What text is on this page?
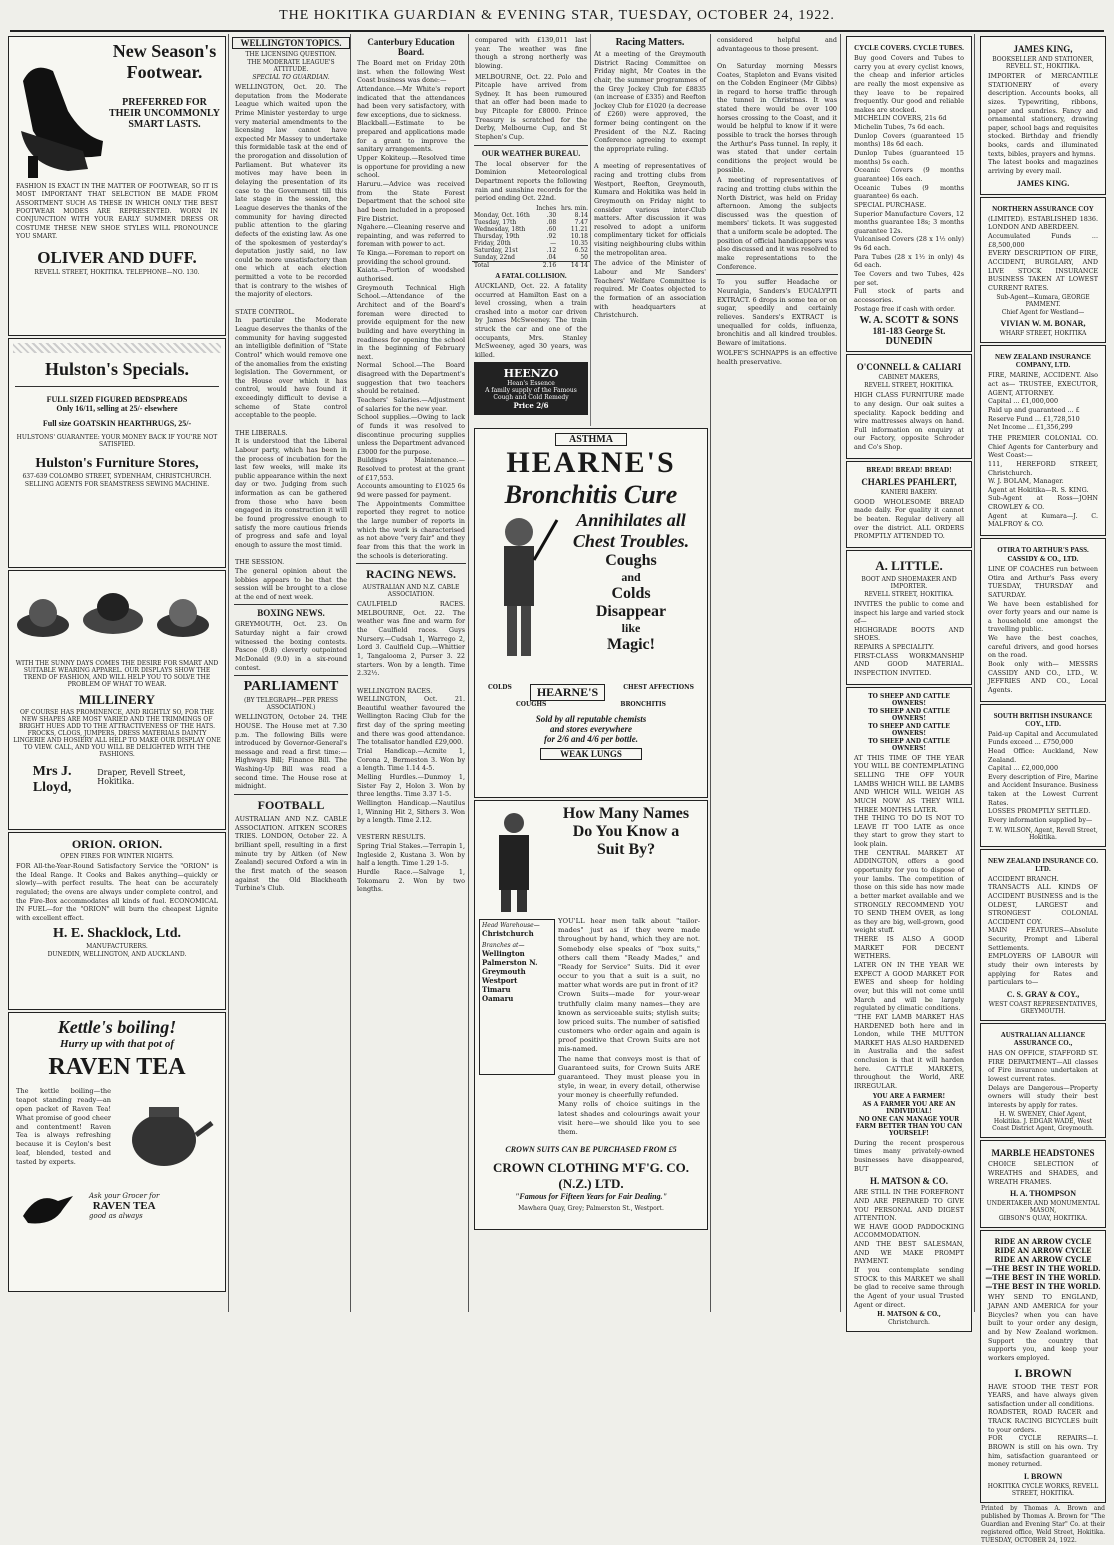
THE HOKITIKA GUARDIAN & EVENING STAR, TUESDAY, OCTOBER 24, 1922.
New Season's
Footwear.
PREFERRED FOR THEIR UNCOMMONLY SMART LASTS.
FASHION IS EXACT IN THE MATTER OF FOOTWEAR, SO IT IS MOST IMPORTANT THAT SELECTION BE MADE FROM ASSORTMENT SUCH AS THESE IN WHICH ONLY THE BEST FOOTWEAR MODES ARE REPRESENTED. WORN IN CONJUNCTION WITH YOUR EARLY SUMMER DRESS OR COSTUME THESE NEW SHOE STYLES WILL PRONOUNCE YOU SMART.
OLIVER AND DUFF.
REVELL STREET, HOKITIKA. TELEPHONE—NO. 130.
Hulston's Specials.
FULL SIZED FIGURED BEDSPREADS
Only 16/11, selling at 25/- elsewhere
Full size GOATSKIN HEARTHRUGS, 25/-
HULSTONS' GUARANTEE: YOUR MONEY BACK IF YOU'RE NOT SATISFIED.
Hulston's Furniture Stores,
637-639 COLOMBO STREET, SYDENHAM, CHRISTCHURCH.
SELLING AGENTS FOR SEAMSTRESS SEWING MACHINE.
WITH THE SUNNY DAYS COMES THE DESIRE FOR SMART AND SUITABLE WEARING APPAREL. OUR DISPLAYS SHOW THE TREND OF FASHION, AND WILL HELP YOU TO SOLVE THE PROBLEM OF WHAT TO WEAR.
MILLINERY
OF COURSE HAS PROMINENCE, AND RIGHTLY SO, FOR THE NEW SHAPES ARE MOST VARIED AND THE TRIMMINGS OF BRIGHT HUES ADD TO THE ATTRACTIVENESS OF THE HATS. FROCKS, CLOGS, JUMPERS, DRESS MATERIALS DAINTY LINGERIE AND HOSIERY ALL HELP TO MAKE OUR DISPLAY ONE TO VIEW. CALL, AND YOU WILL BE DELIGHTED WITH THE FASHIONS.
Mrs J. Lloyd,
Draper, Revell Street, Hokitika.
ORION. ORION.
OPEN FIRES FOR WINTER NIGHTS.
FOR All-the-Year-Round Satisfactory Service the "ORION" is the Ideal Range. It Cooks and Bakes anything—quickly or slowly—with perfect results. The heat can be accurately regulated; the ovens are always under complete control, and the Fire-Box accommodates all kinds of fuel. ECONOMICAL IN FUEL—for the "ORION" will burn the cheapest Lignite with excellent effect.
H. E. Shacklock, Ltd.
MANUFACTURERS.
DUNEDIN, WELLINGTON, AND AUCKLAND.
Kettle's boiling!
Hurry up with that pot of
RAVEN TEA
The kettle boiling—the teapot standing ready—an open packet of Raven Tea! What promise of good cheer and contentment! Raven Tea is always refreshing because it is Ceylon's best leaf, blended, tested and tasted by experts.
Ask your Grocer for
RAVEN TEA
good as always
WELLINGTON TOPICS.
THE LICENSING QUESTION.
THE MODERATE LEAGUE'S ATTITUDE.
SPECIAL TO GUARDIAN.
WELLINGTON, Oct. 20. The deputation from the Moderate League which waited upon the Prime Minister yesterday to urge very material amendments to the licensing law cannot have expected Mr Massey to undertake this formidable task at the end of the prorogation and dissolution of Parliament. But whatever its motives may have been in delaying the presentation of its case to the Government till this late stage in the session, the League deserves the thanks of the community for having directed public attention to the glaring defects of the existing law. As one of the spokesmen of yesterday's deputation justly said, no law could be more unsatisfactory than one which at each election permitted a vote to be recorded that is contrary to the wishes of the majority of electors.

STATE CONTROL.
In particular the Moderate League deserves the thanks of the community for having suggested an intelligible definition of "State Control" which would remove one of the anomalies from the existing legislation. The Government, or the House over which it has control, would have found it exceedingly difficult to devise a scheme of State control acceptable to the people.

THE LIBERALS.
It is understood that the Liberal Labour party, which has been in the process of incubation for the last few weeks, will make its public appearance within the next day or two. Judging from such information as can be gathered from those who have been engaged in its construction it will be found progressive enough to satisfy the more cautious friends of progress and safe and loyal enough to assure the most timid.

THE SESSION.
The general opinion about the lobbies appears to be that the session will be brought to a close at the end of next week.
BOXING NEWS.
GREYMOUTH, Oct. 23. On Saturday night a fair crowd witnessed the boxing contests. Pascoe (9.8) cleverly outpointed McDonald (9.0) in a six-round contest.
PARLIAMENT
(BY TELEGRAPH—PER PRESS ASSOCIATION.)
WELLINGTON, October 24. THE HOUSE. The House met at 7.30 p.m. The following Bills were introduced by Governor-General's message and read a first time:—Highways Bill; Finance Bill. The Washing-Up Bill was read a second time. The House rose at midnight.
FOOTBALL
AUSTRALIAN AND N.Z. CABLE ASSOCIATION. AITKEN SCORES TRIES. LONDON, October 22. A brilliant spell, resulting in a first minute try by Aitken (of New Zealand) secured Oxford a win in the first match of the season against the Old Blackheath Turbine's Club.
Canterbury Education Board.
The Board met on Friday 20th inst. when the following West Coast business was done:—
Attendance.—Mr White's report indicated that the attendances had been very satisfactory, with few exceptions, due to sickness.
Blackball.—Estimate to be prepared and applications made for a grant to improve the sanitary arrangements.
Upper Kokiteup.—Resolved time is opportune for providing a new school.
Haruru.—Advice was received from the State Forest Department that the school site had been included in a proposed Fire District.
Ngahere.—Cleaning reserve and repainting, and was referred to foreman with power to act.
Te Kinga.—Foreman to report on providing the school ground.
Kaiata.—Portion of woodshed authorised.
Greymouth Technical High School.—Attendance of the Architect and of the Board's foreman were directed to provide equipment for the new building and have everything in readiness for opening the school in the beginning of February next.
Normal School.—The Board disagreed with the Department's suggestion that two teachers should be retained.
Teachers' Salaries.—Adjustment of salaries for the new year.
School supplies.—Owing to lack of funds it was resolved to discontinue procuring supplies unless the Department advanced £3000 for the purpose.
Buildings Maintenance.—Resolved to protest at the grant of £17,553.
Accounts amounting to £1025 6s 9d were passed for payment.
The Appointments Committee reported they regret to notice the large number of reports in which the work is characterised as not above "very fair" and they fear from this that the work in the schools is deteriorating.
RACING NEWS.
AUSTRALIAN AND N.Z. CABLE ASSOCIATION.
CAULFIELD RACES. MELBOURNE, Oct. 22. The weather was fine and warm for the Caulfield races. Guys Nursery.—Cudsah 1, Warrego 2, Lord 3. Caulfield Cup.—Whittier 1, Tangalooma 2, Purser 3. 22 starters. Won by a length. Time 2.32½.

WELLINGTON RACES.
WELLINGTON, Oct. 21. Beautiful weather favoured the Wellington Racing Club for the first day of the spring meeting and there was good attendance. The totalisator handled £29,000.
Trial Handicap.—Acmite 1, Corona 2, Bermeston 3. Won by a length. Time 1.14 4-5.
Melling Hurdles.—Dunmoy 1, Sister Fay 2, Holon 3. Won by three lengths. Time 3.37 1-5.
Wellington Handicap.—Nautilus 1, Winning Hit 2, Sithers 3. Won by a length. Time 2.12.

VESTERN RESULTS.
Spring Trial Stakes.—Terrapin 1, Ingleside 2, Kustana 3. Won by half a length. Time 1.29 1-5.
Hurdle Race.—Salvage 1, Tokomaru 2. Won by two lengths.
compared with £139,011 last year. The weather was fine though a strong northerly was blowing.
MELBOURNE, Oct. 22. Polo and Pitcaple have arrived from Sydney. It has been rumoured that an offer had been made to buy Pitcaple for £8000. Prince Treasury is scratched for the Derby, Melbourne Cup, and St Stephen's Cup.
OUR WEATHER BUREAU.
The local observer for the Dominion Meteorological Department reports the following rain and sunshine records for the period ending Oct. 22nd.
	Inches	hrs. min.
Monday, Oct. 16th	.30	8.14
Tuesday, 17th	.08	7.47
Wednesday, 18th	.60	11.21
Thursday, 19th	.92	10.18
Friday, 20th	—	10.35
Saturday, 21st	.12	6.52
Sunday, 22nd	.04	50
Total	2.16	14 14
A FATAL COLLISION.
AUCKLAND, Oct. 22. A fatality occurred at Hamilton East on a level crossing, when a train crashed into a motor car driven by James McSweeney. The train struck the car and one of the occupants, Mrs. Stanley McSweeney, aged 30 years, was killed.
HEENZO
Hean's Essence
A family supply of the Famous Cough and Cold Remedy
Price 2/6
Racing Matters.
At a meeting of the Greymouth District Racing Committee on Friday night, Mr Coates in the chair, the summer programmes of the Grey Jockey Club for £8835 (an increase of £335) and Reefton Jockey Club for £1020 (a decrease of £260) were approved, the former being contingent on the President of the N.Z. Racing Conference agreeing to exempt the appropriate ruling.

A meeting of representatives of racing and trotting clubs from Westport, Reefton, Greymouth, Kumara and Hokitika was held in Greymouth on Friday night to consider various inter-Club matters. After discussion it was resolved to adopt a uniform complimentary ticket for officials visiting neighbouring clubs within the metropolitan area.
The advice of the Minister of Labour and Mr Sanders' Teachers' Welfare Committee is required. Mr Coates objected to the formation of an association with headquarters at Christchurch.
ASTHMA
HEARNE'S
Bronchitis Cure
Annihilates all
Chest Troubles.
Coughs
and
Colds
Disappear
like
Magic!
COLDS	HEARNE'S	CHEST AFFECTIONS
COUGHS	BRONCHITIS
Sold by all reputable chemists
and stores everywhere
for 2/6 and 4/6 per bottle.
WEAK LUNGS
How Many Names
Do You Know a
Suit By?
Head Warehouse—
Christchurch
Branches at—
Wellington
Palmerston N.
Greymouth
Westport
Timaru
Oamaru
YOU'LL hear men talk about "tailor-mades" just as if they were made throughout by hand, which they are not. Somebody else speaks of "box suits," others call them "Ready Mades," and "Ready for Service" Suits. Did it ever occur to you that a suit is a suit, no matter what words are put in front of it?
Crown Suits—made for your-wear truthfully claim many names—they are known as serviceable suits; stylish suits; low priced suits. The number of satisfied customers who order again and again is proof positive that Crown Suits are not mis-named.
The name that conveys most is that of Guaranteed suits, for Crown Suits ARE guaranteed. They must please you in style, in wear, in every detail, otherwise your money is cheerfully refunded.
Many rolls of choice suitings in the latest shades and colourings await your visit here—we should like you to see them.
CROWN SUITS CAN BE PURCHASED FROM £5
CROWN CLOTHING M'F'G. CO. (N.Z.) LTD.
"Famous for Fifteen Years for Fair Dealing."
Mawhera Quay, Grey; Palmerston St., Westport.
considered helpful and advantageous to those present.

On Saturday morning Messrs Coates, Stapleton and Evans visited on the Cobden Engineer (Mr Gibbs) in regard to horse traffic through the tunnel in Christmas. It was stated there would be over 100 horses crossing to the Coast, and it would be helpful to know if it were possible to track the horses through the Arthur's Pass tunnel. In reply, it was stated that under certain conditions the project would be possible.
A meeting of representatives of racing and trotting clubs within the North District, was held on Friday afternoon. Among the subjects discussed was the question of members' tickets. It was suggested that a uniform scale be adopted. The position of official handicappers was also discussed and it was resolved to make representations to the Conference.
To you suffer Headache or Neuralgia, Sanders's EUCALYPTI EXTRACT. 6 drops in some tea or on sugar, speedily and certainly relieves. Sanders's EXTRACT is unequalled for colds, influenza, bronchitis and all kindred troubles. Beware of imitations.
WOLFE'S SCHNAPPS is an effective health preservative.
CYCLE COVERS. CYCLE TUBES.
Buy good Covers and Tubes to carry you at every cyclist knows, the cheap and inferior articles are really the most expensive as they leave to be repaired frequently. Our good and reliable makes are stocked.
MICHELIN COVERS, 21s 6d
Michelin Tubes, 7s 6d each.
Dunlop Covers (guaranteed 15 months) 18s 6d each.
Dunlop Tubes (guaranteed 15 months) 5s each.
Oceanic Covers (9 months guarantee) 16s each.
Oceanic Tubes (9 months guarantee) 6s each.
SPECIAL PURCHASE.
Superior Manufacture Covers, 12 months guarantee 18s; 3 months guarantee 12s.
Vulcanised Covers (28 x 1½ only) 9s 6d each.
Para Tubes (28 x 1½ in only) 4s 6d each.
Tee Covers and two Tubes, 42s per set.
Full stock of parts and accessories.
Postage free if cash with order.
W. A. SCOTT & SONS
181-183 George St.
DUNEDIN
O'CONNELL & CALIARI
CABINET MAKERS,
REVELL STREET, HOKITIKA.
HIGH CLASS FURNITURE made to any design. Our oak suites a speciality. Kapock bedding and wire mattresses always on hand. Full information on enquiry at our Factory, opposite Schroder and Co's Shop.
BREAD! BREAD! BREAD!
CHARLES PFAHLERT,
KANIERI BAKERY.
GOOD WHOLESOME BREAD made daily. For quality it cannot be beaten. Regular delivery all over the district. ALL ORDERS PROMPTLY ATTENDED TO.
A. LITTLE.
BOOT AND SHOEMAKER AND IMPORTER.
REVELL STREET, HOKITIKA.
INVITES the public to come and inspect his large and varied stock of—
HIGHGRADE BOOTS AND SHOES.
REPAIRS A SPECIALITY.
FIRST-CLASS WORKMANSHIP AND GOOD MATERIAL. INSPECTION INVITED.
TO SHEEP AND CATTLE OWNERS!
TO SHEEP AND CATTLE OWNERS!
TO SHEEP AND CATTLE OWNERS!
TO SHEEP AND CATTLE OWNERS!
AT THIS TIME OF THE YEAR YOU WILL BE CONTEMPLATING SELLING THE OFF YOUR LAMBS WHICH WILL BE LAMBS AND WHICH WILL WEIGH AS MUCH NOW AS THEY WILL THREE MONTHS LATER.
THE THING TO DO IS NOT TO LEAVE IT TOO LATE as once they start to grow they start to look plain.
THE CENTRAL MARKET AT ADDINGTON, offers a good opportunity for you to dispose of your lambs. The competition of those on this side has now made a better market available and we STRONGLY RECOMMEND YOU TO SEND THEM OVER, as long as they are big, well-grown, good weight stuff.
THERE IS ALSO A GOOD MARKET FOR DECENT WETHERS.
LATER ON IN THE YEAR WE EXPECT A GOOD MARKET FOR EWES and sheep for holding over, but this will not come until March and will be largely regulated by climatic conditions.
"THE FAT LAMB MARKET HAS HARDENED both here and in London, while THE MUTTON MARKET HAS ALSO HARDENED in Australia and the safest conclusion is that it will harden here. CATTLE MARKETS, throughout the World, ARE IRREGULAR.
YOU ARE A FARMER!
AS A FARMER YOU ARE AN INDIVIDUAL!
NO ONE CAN MANAGE YOUR FARM BETTER THAN YOU CAN YOURSELF!
During the recent prosperous times many privately-owned businesses have disappeared, BUT
H. MATSON & CO.
ARE STILL IN THE FOREFRONT AND ARE PREPARED TO GIVE YOU PERSONAL AND DIGEST ATTENTION.
WE HAVE GOOD PADDOCKING ACCOMMODATION.
AND THE BEST SALESMAN, AND WE MAKE PROMPT PAYMENT.
If you contemplate sending STOCK to this MARKET we shall be glad to receive same through the Agent of your usual Trusted Agent or direct.
H. MATSON & CO.,
Christchurch.
JAMES KING,
BOOKSELLER AND STATIONER, REVELL ST., HOKITIKA.
IMPORTER of MERCANTILE STATIONERY of every description. Accounts books, all sizes. Typewriting, ribbons, paper and sundries. Fancy and ornamental stationery, drawing paper, school bags and requisites stocked. Birthday and friendly books, cards and illuminated texts, bibles, prayers and hymns.
The latest books and magazines arriving by every mail.
JAMES KING.
NORTHERN ASSURANCE COY
(LIMITED). ESTABLISHED 1836. LONDON AND ABERDEEN.
Accumulated Funds ... £8,500,000
EVERY DESCRIPTION OF FIRE, ACCIDENT, BURGLARY, AND LIVE STOCK INSURANCE BUSINESS TAKEN AT LOWEST CURRENT RATES.
Sub-Agent—Kumara, GEORGE PAMMENT.
Chief Agent for Westland—
VIVIAN W. M. BONAR,
WHARF STREET, HOKITIKA
NEW ZEALAND INSURANCE COMPANY, LTD.
FIRE, MARINE, ACCIDENT. Also act as— TRUSTEE, EXECUTOR, AGENT, ATTORNEY.
Capital ... £1,000,000
Paid up and guaranteed ... £
Reserve Fund ... £1,728,510
Net Income ... £1,356,299
THE PREMIER COLONIAL CO. Chief Agents for Canterbury and West Coast:—
111, HEREFORD STREET, Christchurch.
W. J. BOLAM, Manager.
Agent at Hokitika—R. S. KING.
Sub-Agent at Ross—JOHN CROWLEY & CO.
Agent at Kumara—J. C. MALFROY & CO.
OTIRA TO ARTHUR'S PASS.
CASSIDY & CO., LTD.
LINE OF COACHES run between Otira and Arthur's Pass every TUESDAY, THURSDAY and SATURDAY.
We have been established for over forty years and our name is a household one amongst the travelling public.
We have the best coaches, careful drivers, and good horses on the road.
Book only with— MESSRS CASSIDY AND CO., LTD., W. JEFFRIES AND CO., Local Agents.
SOUTH BRITISH INSURANCE COY., LTD.
Paid-up Capital and Accumulated Funds exceed ... £750,000
Head Office: Auckland, New Zealand.
Capital ... £2,000,000
Every description of Fire, Marine and Accident Insurance. Business taken at the Lowest Current Rates.
LOSSES PROMPTLY SETTLED.
Every information supplied by—
T. W. WILSON, Agent, Revell Street, Hokitika.
NEW ZEALAND INSURANCE CO. LTD.
ACCIDENT BRANCH.
TRANSACTS ALL KINDS OF ACCIDENT BUSINESS and is the OLDEST, LARGEST and STRONGEST COLONIAL ACCIDENT COY.
MAIN FEATURES—Absolute Security, Prompt and Liberal Settlements.
EMPLOYERS OF LABOUR will study their own interests by applying for Rates and particulars to—
C. S. GRAY & COY.,
WEST COAST REPRESENTATIVES, GREYMOUTH.
AUSTRALIAN ALLIANCE ASSURANCE CO.,
HAS ON OFFICE, STAFFORD ST. FIRE DEPARTMENT—All classes of Fire insurance undertaken at lowest current rates.
Delays are Dangerous—Property owners will study their best interests by apply for rates.
H. W. SWENEY, Chief Agent, Hokitika. J. EDGAR WADE, West Coast District Agent, Greymouth.
MARBLE HEADSTONES
CHOICE SELECTION of WREATHS and SHADES, and WREATH FRAMES.
H. A. THOMPSON
UNDERTAKER AND MONUMENTAL MASON,
GIBSON'S QUAY, HOKITIKA.
RIDE AN ARROW CYCLE
RIDE AN ARROW CYCLE
RIDE AN ARROW CYCLE
—THE BEST IN THE WORLD.
—THE BEST IN THE WORLD.
—THE BEST IN THE WORLD.
WHY SEND TO ENGLAND, JAPAN AND AMERICA for your Bicycles? when you can have built to your order any design, and by New Zealand workmen. Support the country that supports you, and keep your workers employed.
I. BROWN
HAVE STOOD THE TEST FOR YEARS, and have always given satisfaction under all conditions.
ROADSTER, ROAD RACER and TRACK RACING BICYCLES built to your orders.
FOR CYCLE REPAIRS—I. BROWN is still on his own. Try him, satisfaction guaranteed or money returned.
I. BROWN
HOKITIKA CYCLE WORKS, REVELL STREET, HOKITIKA.
Printed by Thomas A. Brown and published by Thomas A. Brown for "The Guardian and Evening Star" Co. at their registered office, Weld Street, Hokitika. TUESDAY, OCTOBER 24, 1922.
